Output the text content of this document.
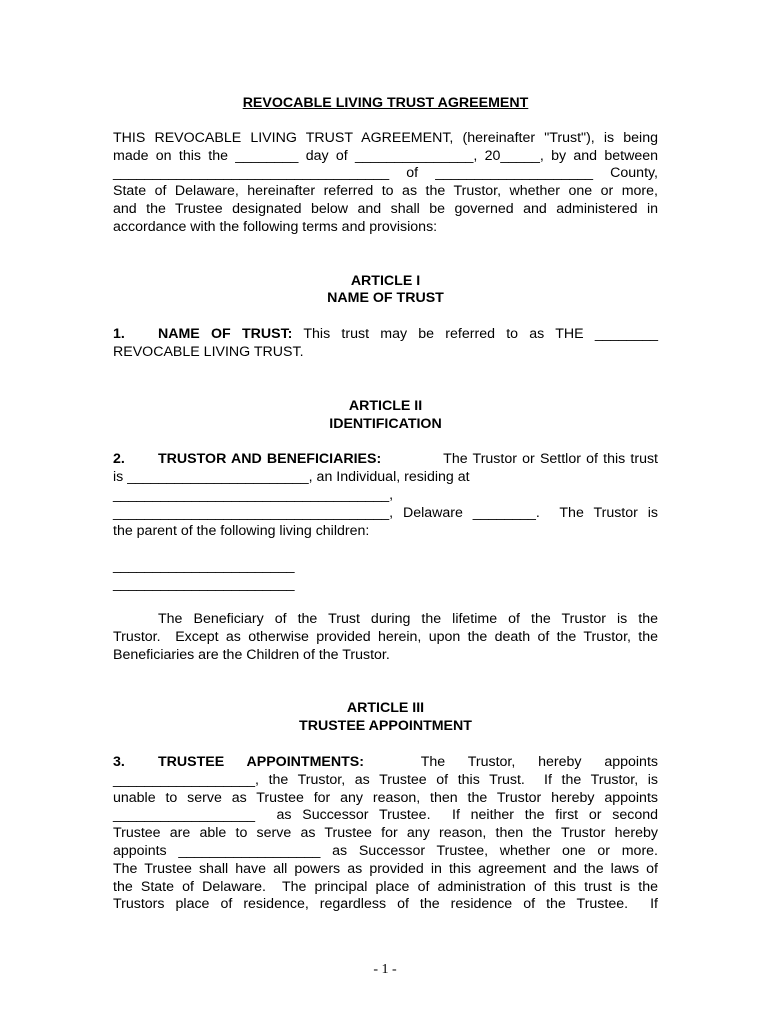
REVOCABLE LIVING TRUST AGREEMENT

THIS REVOCABLE LIVING TRUST AGREEMENT, (hereinafter "Trust"), is being
made on this the ________ day of _______________, 20_____, by and between
___________________________________ of ____________________ County,
State of Delaware, hereinafter referred to as the Trustor, whether one or more,
and the Trustee designated below and shall be governed and administered in
accordance with the following terms and provisions:
ARTICLE I
NAME OF TRUST
1. NAME OF TRUST: This trust may be referred to as THE ________
REVOCABLE LIVING TRUST.
ARTICLE II
IDENTIFICATION
2. TRUSTOR AND BENEFICIARIES:            The Trustor or Settlor of this trust
is _______________________, an Individual, residing at
___________________________________,
___________________________________, Delaware ________.  The Trustor is
the parent of the following living children:
_______________________
_______________________
The Beneficiary of the Trust during the lifetime of the Trustor is the
Trustor.  Except as otherwise provided herein, upon the death of the Trustor, the
Beneficiaries are the Children of the Trustor.
ARTICLE III
TRUSTEE APPOINTMENT
3. TRUSTEE    APPOINTMENTS:          The    Trustor,    hereby    appoints
__________________, the Trustor, as Trustee of this Trust.  If the Trustor, is
unable to serve as Trustee for any reason, then the Trustor hereby appoints
__________________  as Successor Trustee.  If neither the first or second
Trustee are able to serve as Trustee for any reason, then the Trustor hereby
appoints __________________ as Successor Trustee, whether one or more.
The Trustee shall have all powers as provided in this agreement and the laws of
the State of Delaware.  The principal place of administration of this trust is the
Trustors place of residence, regardless of the residence of the Trustee.  If
- 1 -
